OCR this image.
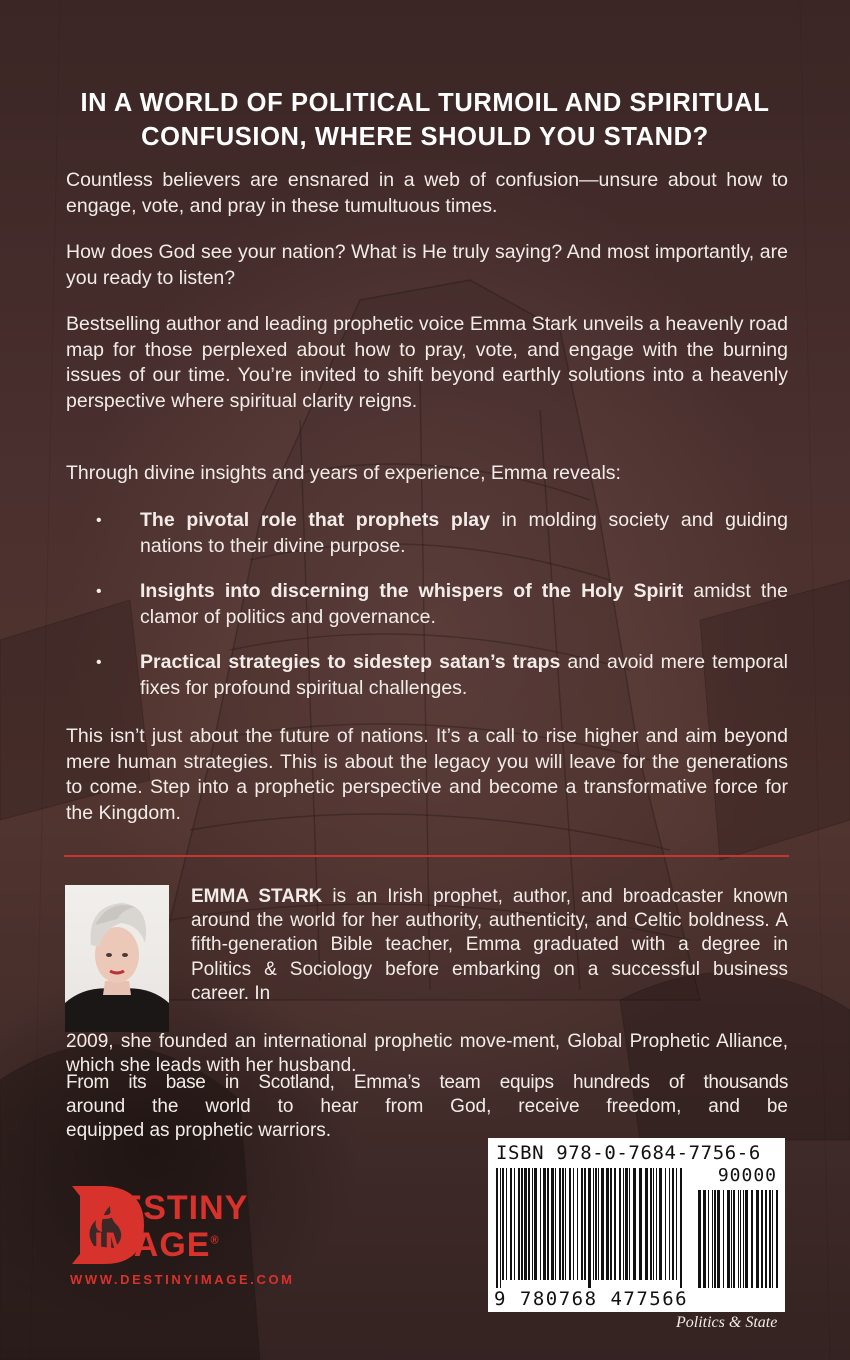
IN A WORLD OF POLITICAL TURMOIL AND SPIRITUAL CONFUSION, WHERE SHOULD YOU STAND?

Countless believers are ensnared in a web of confusion—unsure about how to engage, vote, and pray in these tumultuous times.

How does God see your nation? What is He truly saying? And most importantly, are you ready to listen?

Bestselling author and leading prophetic voice Emma Stark unveils a heavenly road map for those perplexed about how to pray, vote, and engage with the burning issues of our time. You’re invited to shift beyond earthly solutions into a heavenly perspective where spiritual clarity reigns.

Through divine insights and years of experience, Emma reveals:

• The pivotal role that prophets play in molding society and guiding nations to their divine purpose.
• Insights into discerning the whispers of the Holy Spirit amidst the clamor of politics and governance.
• Practical strategies to sidestep satan’s traps and avoid mere temporal fixes for profound spiritual challenges.

This isn’t just about the future of nations. It’s a call to rise higher and aim beyond mere human strategies. This is about the legacy you will leave for the generations to come. Step into a prophetic perspective and become a transformative force for the Kingdom.

EMMA STARK is an Irish prophet, author, and broadcaster known around the world for her authority, authenticity, and Celtic boldness. A fifth-generation Bible teacher, Emma graduated with a degree in Politics & Sociology before embarking on a successful business career. In

From its base in Scotland, Emma’s team equips hundreds of thousands

around the world to hear from God, receive freedom, and be

equipped as prophetic warriors.

2009, she founded an international prophetic move-ment, Global Prophetic Alliance, which she leads with her husband.

DESTINY
IMAGE®
WWW.DESTINYIMAGE.COM
ISBN 978-0-7684-7756-6
90000
9 780768 477566
Politics & State
